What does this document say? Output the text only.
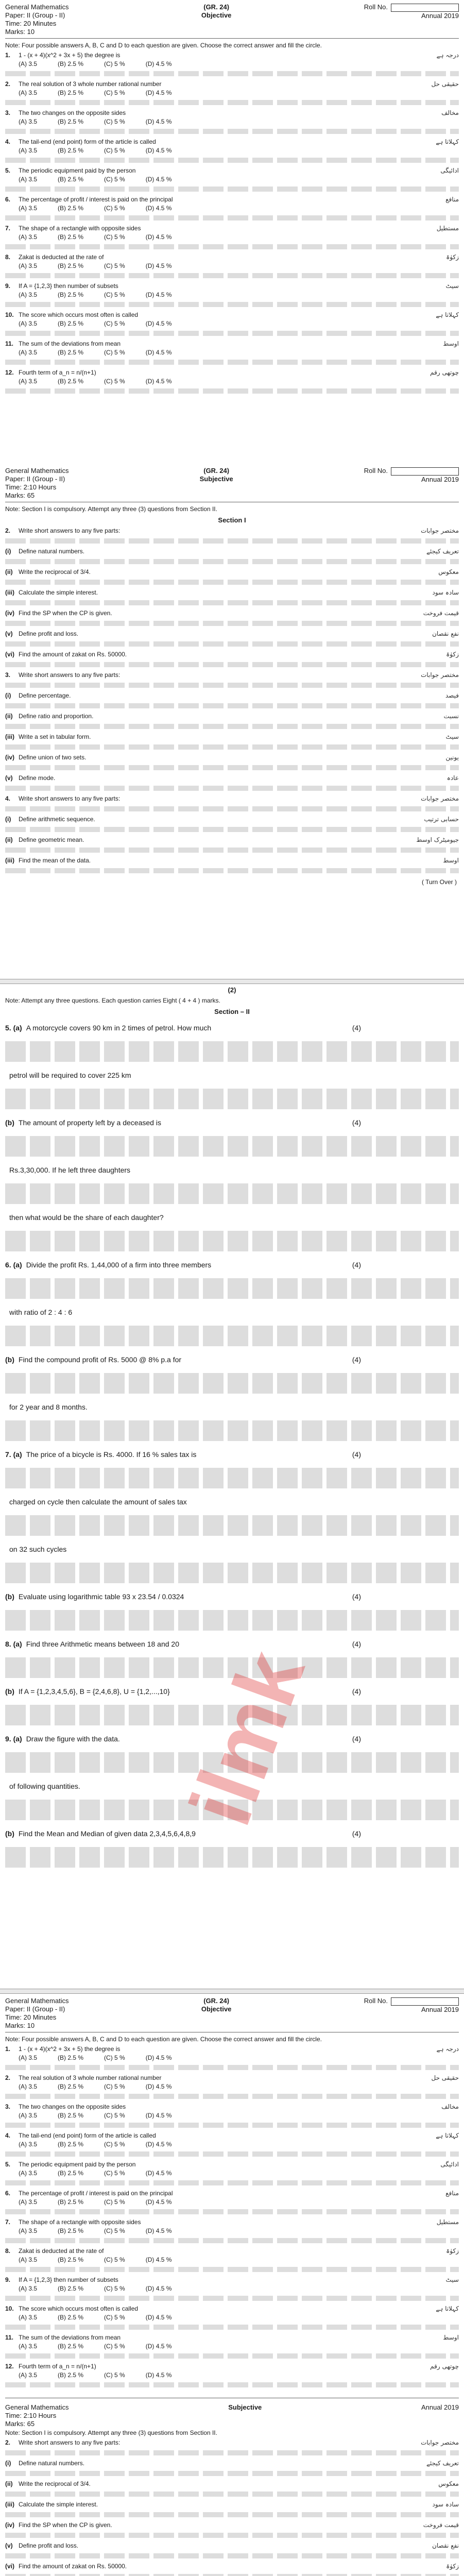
General Mathematics
Paper: II (Group - II)
Time: 20 Minutes
Marks: 10
(GR. 24)
Objective
Roll No.
Annual 2019
Note: Four possible answers A, B, C and D to each question are given. Choose the correct answer and fill the circle.
1. 1 - (x + 4)(x^2 + 3x + 5) the degree is	درجہ ہے
(A) 3.5	(B) 2.5 %	(C) 5 %	(D) 4.5 %
2. The real solution of 3 whole number rational number	حقیقی حل
(A) 3.5	(B) 2.5 %	(C) 5 %	(D) 4.5 %
3. The two changes on the opposite sides	مخالف
(A) 3.5	(B) 2.5 %	(C) 5 %	(D) 4.5 %
4. The tail-end (end point) form of the article is called	کہلاتا ہے
(A) 3.5	(B) 2.5 %	(C) 5 %	(D) 4.5 %
5. The periodic equipment paid by the person	ادائیگی
(A) 3.5	(B) 2.5 %	(C) 5 %	(D) 4.5 %
6. The percentage of profit / interest is paid on the principal	منافع
(A) 3.5	(B) 2.5 %	(C) 5 %	(D) 4.5 %
7. The shape of a rectangle with opposite sides	مستطیل
(A) 3.5	(B) 2.5 %	(C) 5 %	(D) 4.5 %
8. Zakat is deducted at the rate of	زکوٰۃ
(A) 3.5	(B) 2.5 %	(C) 5 %	(D) 4.5 %
9. If A = {1,2,3} then number of subsets	سیٹ
(A) 3.5	(B) 2.5 %	(C) 5 %	(D) 4.5 %
10. The score which occurs most often is called	کہلاتا ہے
(A) 3.5	(B) 2.5 %	(C) 5 %	(D) 4.5 %
11. The sum of the deviations from mean	اوسط
(A) 3.5	(B) 2.5 %	(C) 5 %	(D) 4.5 %
12. Fourth term of a_n = n/(n+1)	چوتھی رقم
(A) 3.5	(B) 2.5 %	(C) 5 %	(D) 4.5 %
General Mathematics
Paper: II (Group - II)
Time: 2:10 Hours
Marks: 65
(GR. 24)
Subjective
Roll No.
Annual 2019
Note: Section I is compulsory. Attempt any three (3) questions from Section II.
Section I
2. Write short answers to any five parts:	مختصر جوابات
(i) Define natural numbers.	تعریف کیجئے
(ii) Write the reciprocal of 3/4.	معکوس
(iii) Calculate the simple interest.	سادہ سود
(iv) Find the SP when the CP is given.	قیمت فروخت
(v) Define profit and loss.	نفع نقصان
(vi) Find the amount of zakat on Rs. 50000.	زکوٰۃ
3. Write short answers to any five parts:	مختصر جوابات
(i) Define percentage.	فیصد
(ii) Define ratio and proportion.	نسبت
(iii) Write a set in tabular form.	سیٹ
(iv) Define union of two sets.	یونین
(v) Define mode.	عادہ
4. Write short answers to any five parts:	مختصر جوابات
(i) Define arithmetic sequence.	حسابی ترتیب
(ii) Define geometric mean.	جیومیٹرک اوسط
(iii) Find the mean of the data.	اوسط
( Turn Over )
(2)
Note: Attempt any three questions. Each question carries Eight ( 4 + 4 ) marks.
Section – II
5. (a) A motorcycle covers 90 km in 2 times of petrol. How much	(4)
petrol will be required to cover 225 km
(b) The amount of property left by a deceased is	(4)
Rs.3,30,000. If he left three daughters
then what would be the share of each daughter?
6. (a) Divide the profit Rs. 1,44,000 of a firm into three members	(4)
with ratio of 2 : 4 : 6
(b) Find the compound profit of Rs. 5000 @ 8% p.a for	(4)
for 2 year and 8 months.
7. (a) The price of a bicycle is Rs. 4000. If 16 % sales tax is	(4)
charged on cycle then calculate the amount of sales tax
on 32 such cycles
(b) Evaluate using logarithmic table 93 x 23.54 / 0.0324	(4)
8. (a) Find three Arithmetic means between 18 and 20	(4)
(b) If A = {1,2,3,4,5,6}, B = {2,4,6,8}, U = {1,2,...,10}	(4)
9. (a) Draw the figure with the data.	(4)
of following quantities.
(b) Find the Mean and Median of given data 2,3,4,5,6,4,8,9	(4)
General Mathematics
Paper: II (Group - II)
Time: 20 Minutes
Marks: 10
(GR. 24)
Objective
Roll No.
Annual 2019
Note: Four possible answers A, B, C and D to each question are given. Choose the correct answer and fill the circle.
1. 1 - (x + 4)(x^2 + 3x + 5) the degree is	درجہ ہے
(A) 3.5	(B) 2.5 %	(C) 5 %	(D) 4.5 %
2. The real solution of 3 whole number rational number	حقیقی حل
(A) 3.5	(B) 2.5 %	(C) 5 %	(D) 4.5 %
3. The two changes on the opposite sides	مخالف
(A) 3.5	(B) 2.5 %	(C) 5 %	(D) 4.5 %
4. The tail-end (end point) form of the article is called	کہلاتا ہے
(A) 3.5	(B) 2.5 %	(C) 5 %	(D) 4.5 %
5. The periodic equipment paid by the person	ادائیگی
(A) 3.5	(B) 2.5 %	(C) 5 %	(D) 4.5 %
6. The percentage of profit / interest is paid on the principal	منافع
(A) 3.5	(B) 2.5 %	(C) 5 %	(D) 4.5 %
7. The shape of a rectangle with opposite sides	مستطیل
(A) 3.5	(B) 2.5 %	(C) 5 %	(D) 4.5 %
8. Zakat is deducted at the rate of	زکوٰۃ
(A) 3.5	(B) 2.5 %	(C) 5 %	(D) 4.5 %
9. If A = {1,2,3} then number of subsets	سیٹ
(A) 3.5	(B) 2.5 %	(C) 5 %	(D) 4.5 %
10. The score which occurs most often is called	کہلاتا ہے
(A) 3.5	(B) 2.5 %	(C) 5 %	(D) 4.5 %
11. The sum of the deviations from mean	اوسط
(A) 3.5	(B) 2.5 %	(C) 5 %	(D) 4.5 %
12. Fourth term of a_n = n/(n+1)	چوتھی رقم
(A) 3.5	(B) 2.5 %	(C) 5 %	(D) 4.5 %
General Mathematics
Time: 2:10 Hours
Marks: 65
Subjective	Annual 2019
Note: Section I is compulsory. Attempt any three (3) questions from Section II.
2. Write short answers to any five parts:	مختصر جوابات
(i) Define natural numbers.	تعریف کیجئے
(ii) Write the reciprocal of 3/4.	معکوس
(iii) Calculate the simple interest.	سادہ سود
(iv) Find the SP when the CP is given.	قیمت فروخت
(v) Define profit and loss.	نفع نقصان
(vi) Find the amount of zakat on Rs. 50000.	زکوٰۃ
ilmk
